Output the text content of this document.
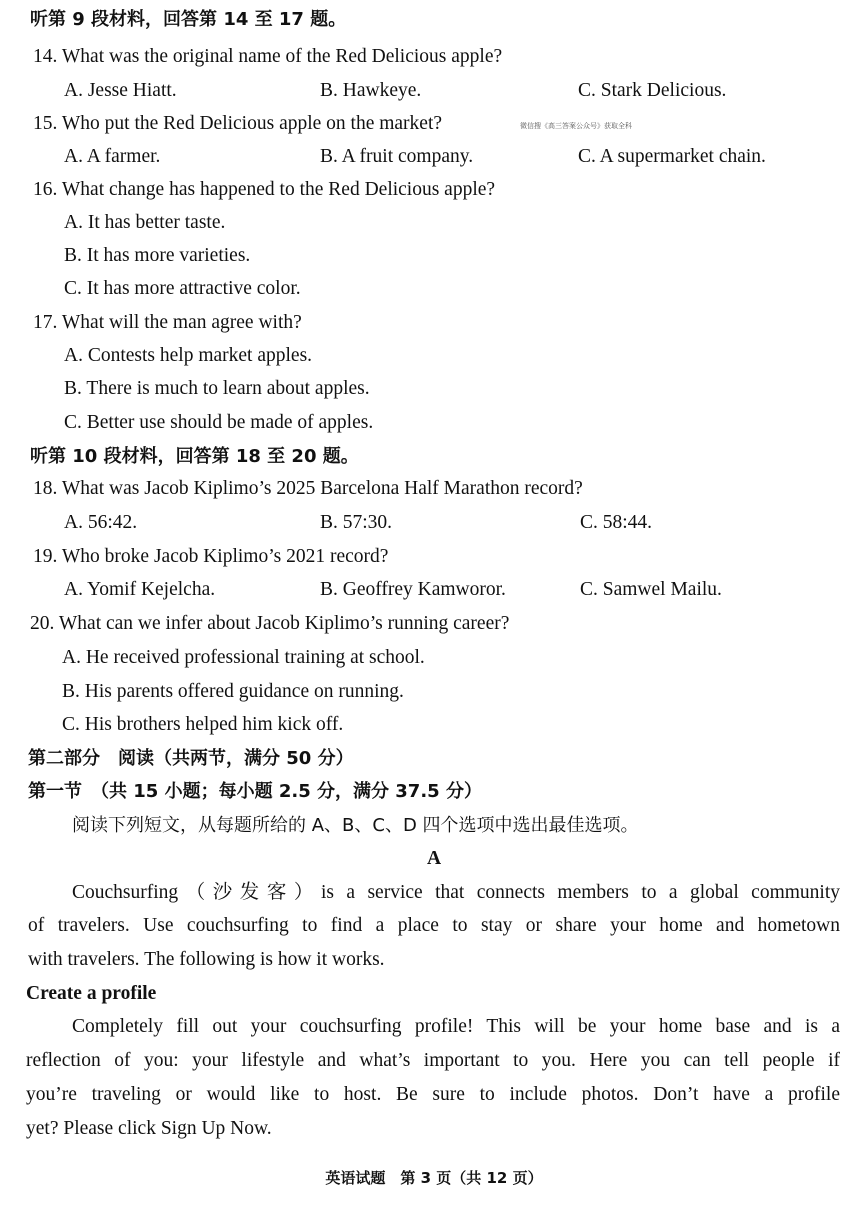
听第 9 段材料，回答第 14 至 17 题。
14. What was the original name of the Red Delicious apple?
A. Jesse Hiatt.	B. Hawkeye.	C. Stark Delicious.
15. Who put the Red Delicious apple on the market?	微信搜《高三答案公众号》获取全科
A. A farmer.	B. A fruit company.	C. A supermarket chain.
16. What change has happened to the Red Delicious apple?
A. It has better taste.
B. It has more varieties.
C. It has more attractive color.
17. What will the man agree with?
A. Contests help market apples.
B. There is much to learn about apples.
C. Better use should be made of apples.
听第 10 段材料，回答第 18 至 20 题。
18. What was Jacob Kiplimo’s 2025 Barcelona Half Marathon record?
A. 56:42.	B. 57:30.	C. 58:44.
19. Who broke Jacob Kiplimo’s 2021 record?
A. Yomif Kejelcha.	B. Geoffrey Kamworor.	C. Samwel Mailu.
20. What can we infer about Jacob Kiplimo’s running career?
A. He received professional training at school.
B. His parents offered guidance on running.
C. His brothers helped him kick off.
第二部分　阅读（共两节，满分 50 分）
第一节　（共 15 小题；每小题 2.5 分，满分 37.5 分）
阅读下列短文，从每题所给的 A、B、C、D 四个选项中选出最佳选项。
A
Couchsurfing（沙发客）is a service that connects members to a global community
of travelers. Use couchsurfing to find a place to stay or share your home and hometown
with travelers. The following is how it works.
Create a profile
Completely fill out your couchsurfing profile! This will be your home base and is a
reflection of you: your lifestyle and what’s important to you. Here you can tell people if
you’re traveling or would like to host. Be sure to include photos. Don’t have a profile
yet? Please click Sign Up Now.
英语试题　第 3 页（共 12 页）
